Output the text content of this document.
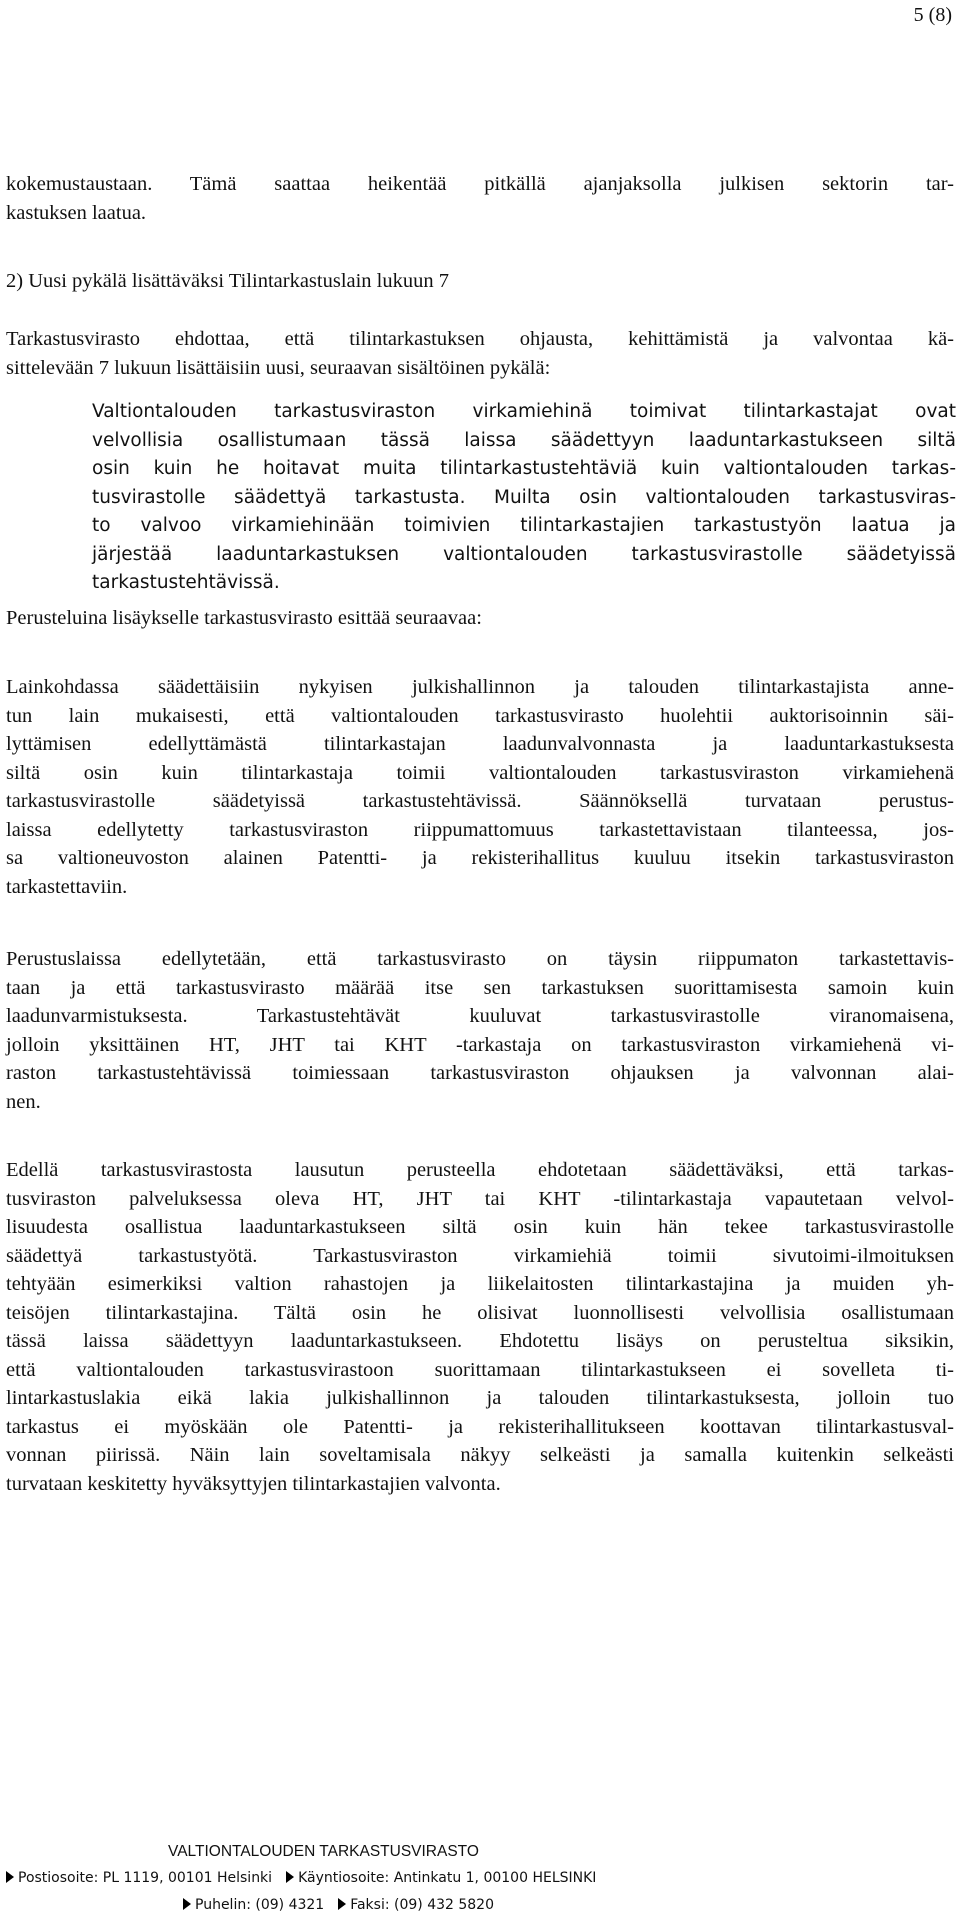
5 (8)
kokemustaustaan. Tämä saattaa heikentää pitkällä ajanjaksolla julkisen sektorin tar-
kastuksen laatua.
2) Uusi pykälä lisättäväksi Tilintarkastuslain lukuun 7
Tarkastusvirasto ehdottaa, että tilintarkastuksen ohjausta, kehittämistä ja valvontaa kä-
sittelevään 7 lukuun lisättäisiin uusi, seuraavan sisältöinen pykälä:
Valtiontalouden tarkastusviraston virkamiehinä toimivat tilintarkastajat ovat
velvollisia osallistumaan tässä laissa säädettyyn laaduntarkastukseen siltä
osin kuin he hoitavat muita tilintarkastustehtäviä kuin valtiontalouden tarkas-
tusvirastolle säädettyä tarkastusta. Muilta osin valtiontalouden tarkastusviras-
to valvoo virkamiehinään toimivien tilintarkastajien tarkastustyön laatua ja
järjestää laaduntarkastuksen valtiontalouden tarkastusvirastolle säädetyissä
tarkastustehtävissä.
Perusteluina lisäykselle tarkastusvirasto esittää seuraavaa:
Lainkohdassa säädettäisiin nykyisen julkishallinnon ja talouden tilintarkastajista anne-
tun lain mukaisesti, että valtiontalouden tarkastusvirasto huolehtii auktorisoinnin säi-
lyttämisen edellyttämästä tilintarkastajan laadunvalvonnasta ja laaduntarkastuksesta
siltä osin kuin tilintarkastaja toimii valtiontalouden tarkastusviraston virkamiehenä
tarkastusvirastolle säädetyissä tarkastustehtävissä. Säännöksellä turvataan perustus-
laissa edellytetty tarkastusviraston riippumattomuus tarkastettavistaan tilanteessa, jos-
sa valtioneuvoston alainen Patentti- ja rekisterihallitus kuuluu itsekin tarkastusviraston
tarkastettaviin.
Perustuslaissa edellytetään, että tarkastusvirasto on täysin riippumaton tarkastettavis-
taan ja että tarkastusvirasto määrää itse sen tarkastuksen suorittamisesta samoin kuin
laadunvarmistuksesta. Tarkastustehtävät kuuluvat tarkastusvirastolle viranomaisena,
jolloin yksittäinen HT, JHT tai KHT -tarkastaja on tarkastusviraston virkamiehenä vi-
raston tarkastustehtävissä toimiessaan tarkastusviraston ohjauksen ja valvonnan alai-
nen.
Edellä tarkastusvirastosta lausutun perusteella ehdotetaan säädettäväksi, että tarkas-
tusviraston palveluksessa oleva HT, JHT tai KHT -tilintarkastaja vapautetaan velvol-
lisuudesta osallistua laaduntarkastukseen siltä osin kuin hän tekee tarkastusvirastolle
säädettyä tarkastustyötä. Tarkastusviraston virkamiehiä toimii sivutoimi-ilmoituksen
tehtyään esimerkiksi valtion rahastojen ja liikelaitosten tilintarkastajina ja muiden yh-
teisöjen tilintarkastajina. Tältä osin he olisivat luonnollisesti velvollisia osallistumaan
tässä laissa säädettyyn laaduntarkastukseen. Ehdotettu lisäys on perusteltua siksikin,
että valtiontalouden tarkastusvirastoon suorittamaan tilintarkastukseen ei sovelleta ti-
lintarkastuslakia eikä lakia julkishallinnon ja talouden tilintarkastuksesta, jolloin tuo
tarkastus ei myöskään ole Patentti- ja rekisterihallitukseen koottavan tilintarkastusval-
vonnan piirissä. Näin lain soveltamisala näkyy selkeästi ja samalla kuitenkin selkeästi
turvataan keskitetty hyväksyttyjen tilintarkastajien valvonta.
VALTIONTALOUDEN TARKASTUSVIRASTO
Postiosoite: PL 1119, 00101 Helsinki Käyntiosoite: Antinkatu 1, 00100 HELSINKI
Puhelin: (09) 4321 Faksi: (09) 432 5820
